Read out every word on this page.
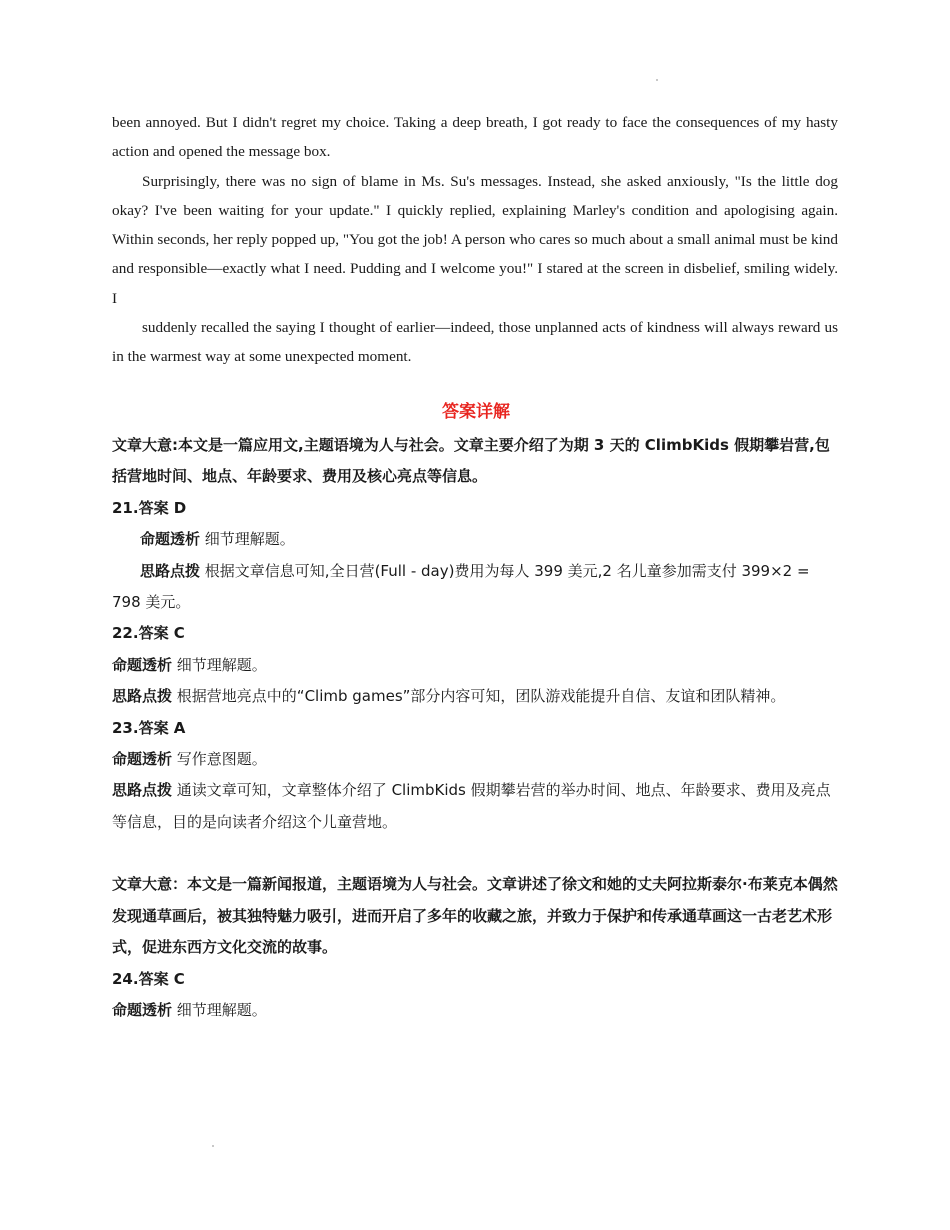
been annoyed. But I didn't regret my choice. Taking a deep breath, I got ready to face the consequences of my hasty action and opened the message box.

Surprisingly, there was no sign of blame in Ms. Su's messages. Instead, she asked anxiously, "Is the little dog okay? I've been waiting for your update." I quickly replied, explaining Marley's condition and apologising again. Within seconds, her reply popped up, "You got the job! A person who cares so much about a small animal must be kind and responsible—exactly what I need. Pudding and I welcome you!" I stared at the screen in disbelief, smiling widely. I

suddenly recalled the saying I thought of earlier—indeed, those unplanned acts of kindness will always reward us in the warmest way at some unexpected moment.

答案详解

文章大意:本文是一篇应用文,主题语境为人与社会。文章主要介绍了为期 3 天的 ClimbKids 假期攀岩营,包括营地时间、地点、年龄要求、费用及核心亮点等信息。

21.答案 D

命题透析 细节理解题。

思路点拨 根据文章信息可知,全日营(Full - day)费用为每人 399 美元,2 名儿童参加需支付 399×2 = 798 美元。

22.答案 C

命题透析 细节理解题。

思路点拨 根据营地亮点中的“Climb games”部分内容可知，团队游戏能提升自信、友谊和团队精神。

23.答案 A

命题透析 写作意图题。

思路点拨 通读文章可知，文章整体介绍了 ClimbKids 假期攀岩营的举办时间、地点、年龄要求、费用及亮点等信息，目的是向读者介绍这个儿童营地。

文章大意：本文是一篇新闻报道，主题语境为人与社会。文章讲述了徐文和她的丈夫阿拉斯泰尔·布莱克本偶然发现通草画后，被其独特魅力吸引，进而开启了多年的收藏之旅，并致力于保护和传承通草画这一古老艺术形式，促进东西方文化交流的故事。

24.答案 C

命题透析 细节理解题。
